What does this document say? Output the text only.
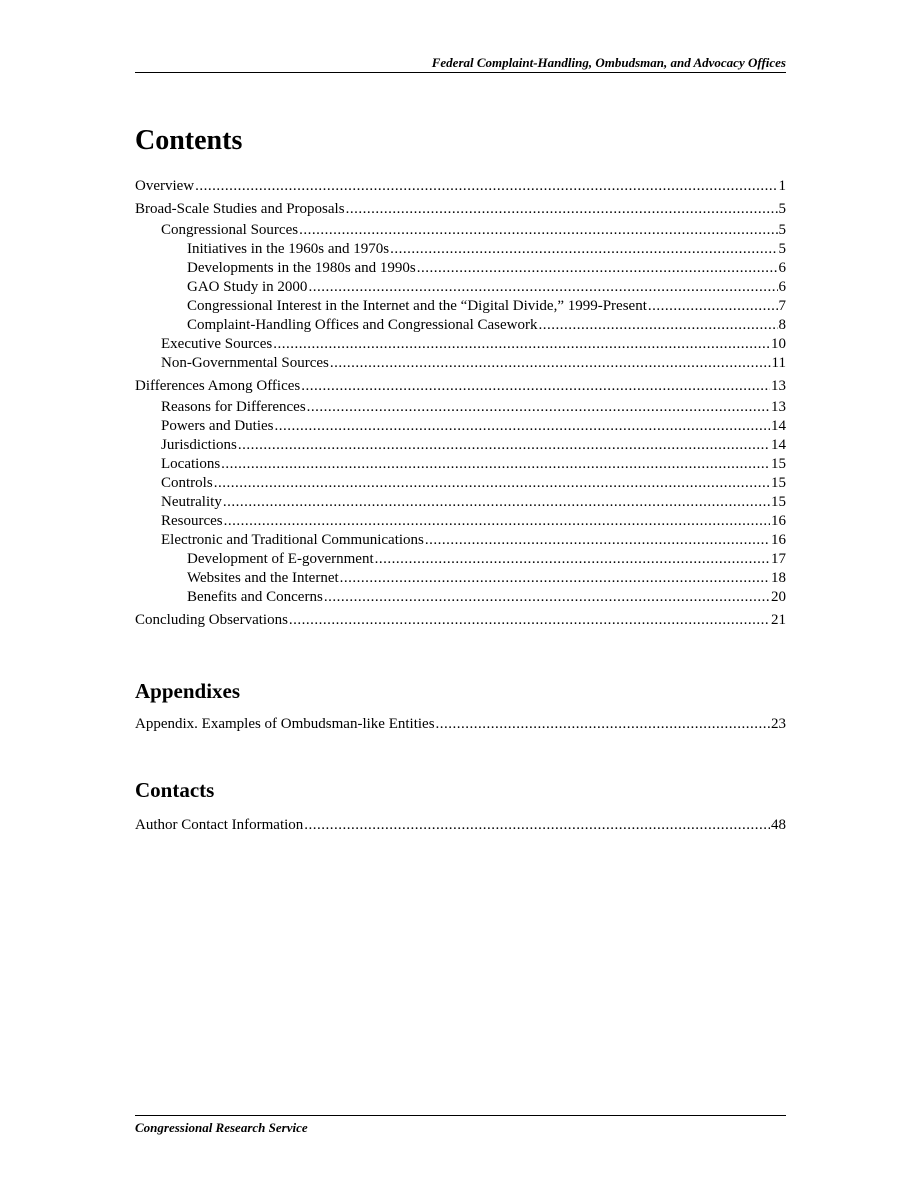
Federal Complaint-Handling, Ombudsman, and Advocacy Offices
Contents
Overview .....	1
Broad-Scale Studies and Proposals .....	5
Congressional Sources .....	5
Initiatives in the 1960s and 1970s .....	5
Developments in the 1980s and 1990s .....	6
GAO Study in 2000 .....	6
Congressional Interest in the Internet and the “Digital Divide,” 1999-Present .....	7
Complaint-Handling Offices and Congressional Casework .....	8
Executive Sources .....	10
Non-Governmental Sources .....	11
Differences Among Offices .....	13
Reasons for Differences .....	13
Powers and Duties .....	14
Jurisdictions .....	14
Locations .....	15
Controls .....	15
Neutrality .....	15
Resources .....	16
Electronic and Traditional Communications .....	16
Development of E-government .....	17
Websites and the Internet .....	18
Benefits and Concerns .....	20
Concluding Observations .....	21
Appendixes
Appendix. Examples of Ombudsman-like Entities .....	23
Contacts
Author Contact Information .....	48
Congressional Research Service
